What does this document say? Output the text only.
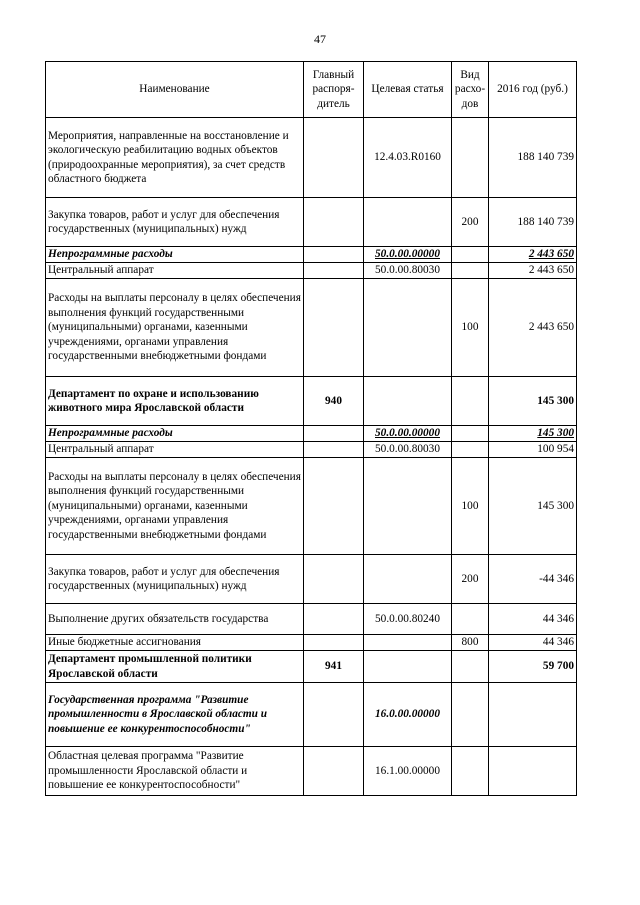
47
Наименование	Главный распоря-дитель	Целевая статья	Вид расхо-дов	2016 год (руб.)
Мероприятия, направленные на восстановление и экологическую реабилитацию водных объектов (природоохранные мероприятия), за счет средств областного бюджета		12.4.03.R0160		188 140 739
Закупка товаров, работ и услуг для обеспечения государственных (муниципальных) нужд			200	188 140 739
Непрограммные расходы		50.0.00.00000		2 443 650
Центральный аппарат		50.0.00.80030		2 443 650
Расходы на выплаты персоналу в целях обеспечения выполнения функций государственными (муниципальными) органами, казенными учреждениями, органами управления государственными внебюджетными фондами			100	2 443 650
Департамент по охране и использованию животного мира Ярославской области	940			145 300
Непрограммные расходы		50.0.00.00000		145 300
Центральный аппарат		50.0.00.80030		100 954
Расходы на выплаты персоналу в целях обеспечения выполнения функций государственными (муниципальными) органами, казенными учреждениями, органами управления государственными внебюджетными фондами			100	145 300
Закупка товаров, работ и услуг для обеспечения государственных (муниципальных) нужд			200	-44 346
Выполнение других обязательств государства		50.0.00.80240		44 346
Иные бюджетные ассигнования			800	44 346
Департамент промышленной политики Ярославской области	941			59 700
Государственная программа "Развитие промышленности в Ярославской области и повышение ее конкурентоспособности"		16.0.00.00000		
Областная целевая программа "Развитие промышленности Ярославской области и повышение ее конкурентоспособности"		16.1.00.00000		
